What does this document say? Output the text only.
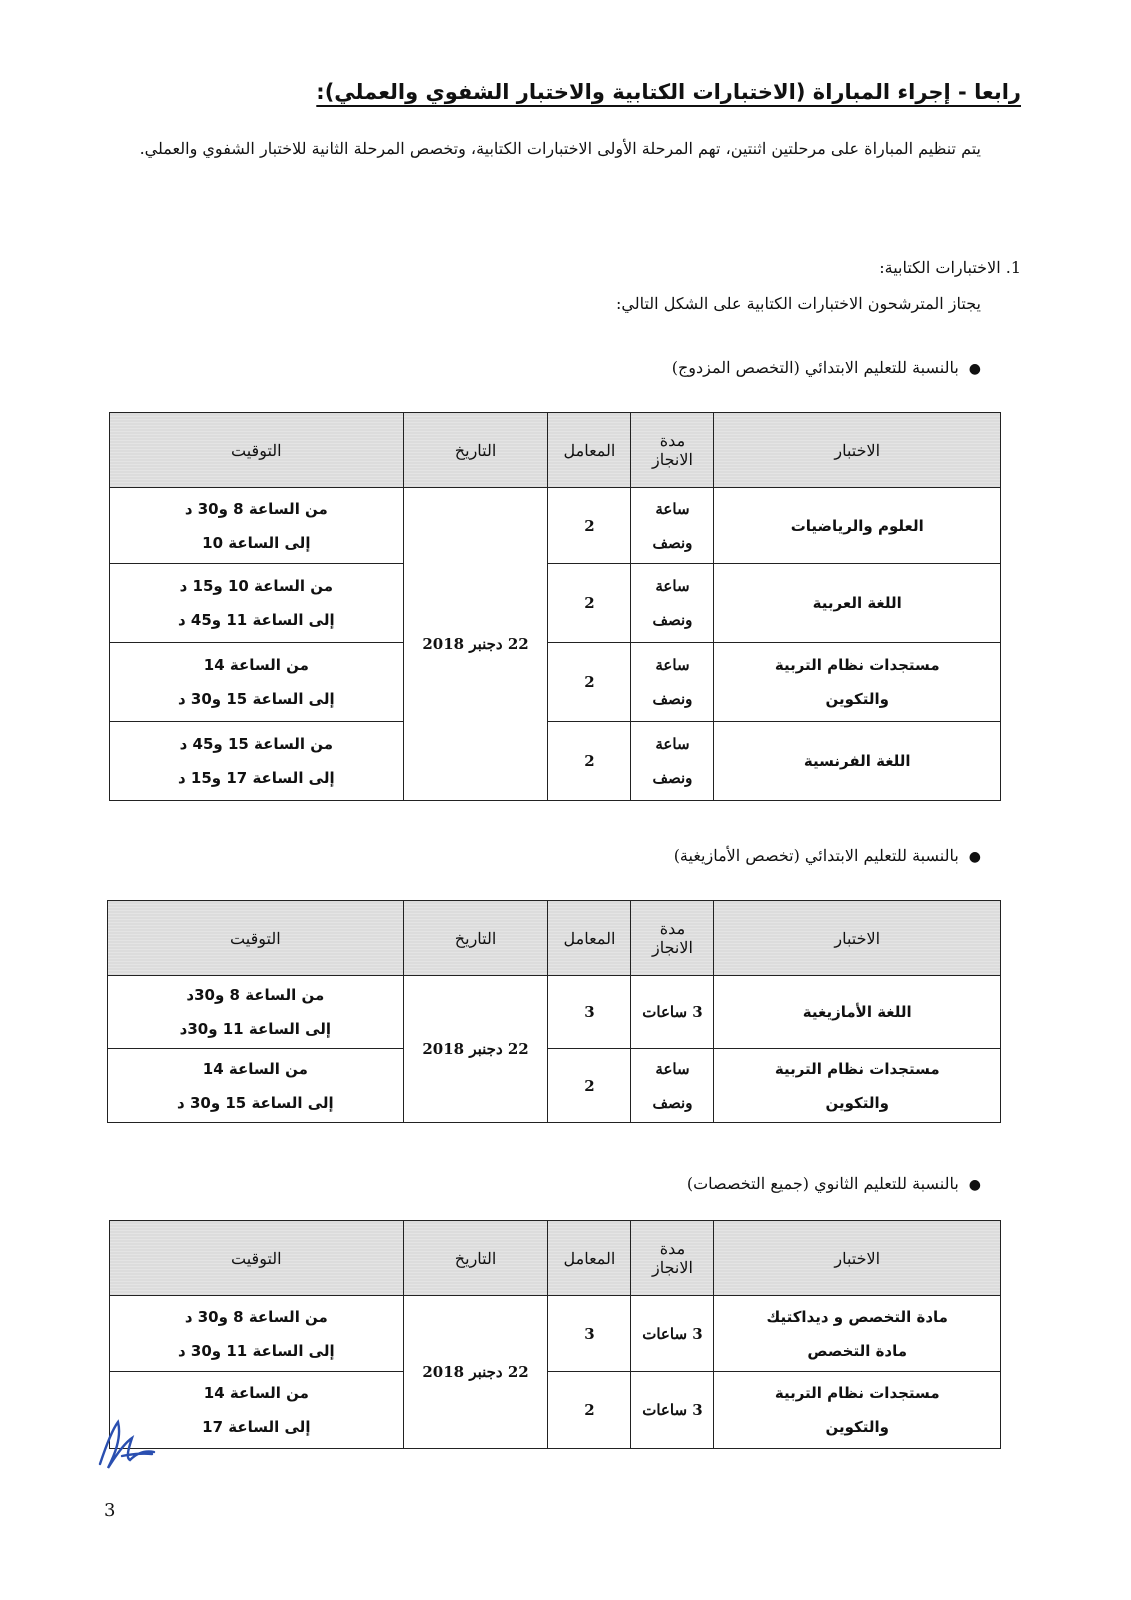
رابعا - إجراء المباراة (الاختبارات الكتابية والاختبار الشفوي والعملي):
يتم تنظيم المباراة على مرحلتين اثنتين، تهم المرحلة الأولى الاختبارات الكتابية، وتخصص المرحلة الثانية للاختبار الشفوي والعملي.
1. الاختبارات الكتابية:
يجتاز المترشحون الاختبارات الكتابية على الشكل التالي:
●بالنسبة للتعليم الابتدائي (التخصص المزدوج)
الاختبار	مدة
الانجاز	المعامل	التاريخ	التوقيت

العلوم والرياضيات	ساعة
ونصف	2	22 دجنبر 2018	من الساعة 8 و30 د
إلى الساعة 10

اللغة العربية	ساعة
ونصف	2		من الساعة 10 و15 د
إلى الساعة 11 و45 د

مستجدات نظام التربية
والتكوين	ساعة
ونصف	2		من الساعة 14
إلى الساعة 15 و30 د

اللغة الفرنسية	ساعة
ونصف	2		من الساعة 15 و45 د
إلى الساعة 17 و15 د
●بالنسبة للتعليم الابتدائي (تخصص الأمازيغية)
الاختبار	مدة
الانجاز	المعامل	التاريخ	التوقيت

اللغة الأمازيغية	3 ساعات	3	22 دجنبر 2018	من الساعة 8 و30د
إلى الساعة 11 و30د

مستجدات نظام التربية
والتكوين	ساعة
ونصف	2		من الساعة 14
إلى الساعة 15 و30 د
●بالنسبة للتعليم الثانوي (جميع التخصصات)
الاختبار	مدة
الانجاز	المعامل	التاريخ	التوقيت

مادة التخصص و ديداكتيك
مادة التخصص	3 ساعات	3	22 دجنبر 2018	من الساعة 8 و30 د
إلى الساعة 11 و30 د

مستجدات نظام التربية
والتكوين	3 ساعات	2		من الساعة 14
إلى الساعة 17
3
